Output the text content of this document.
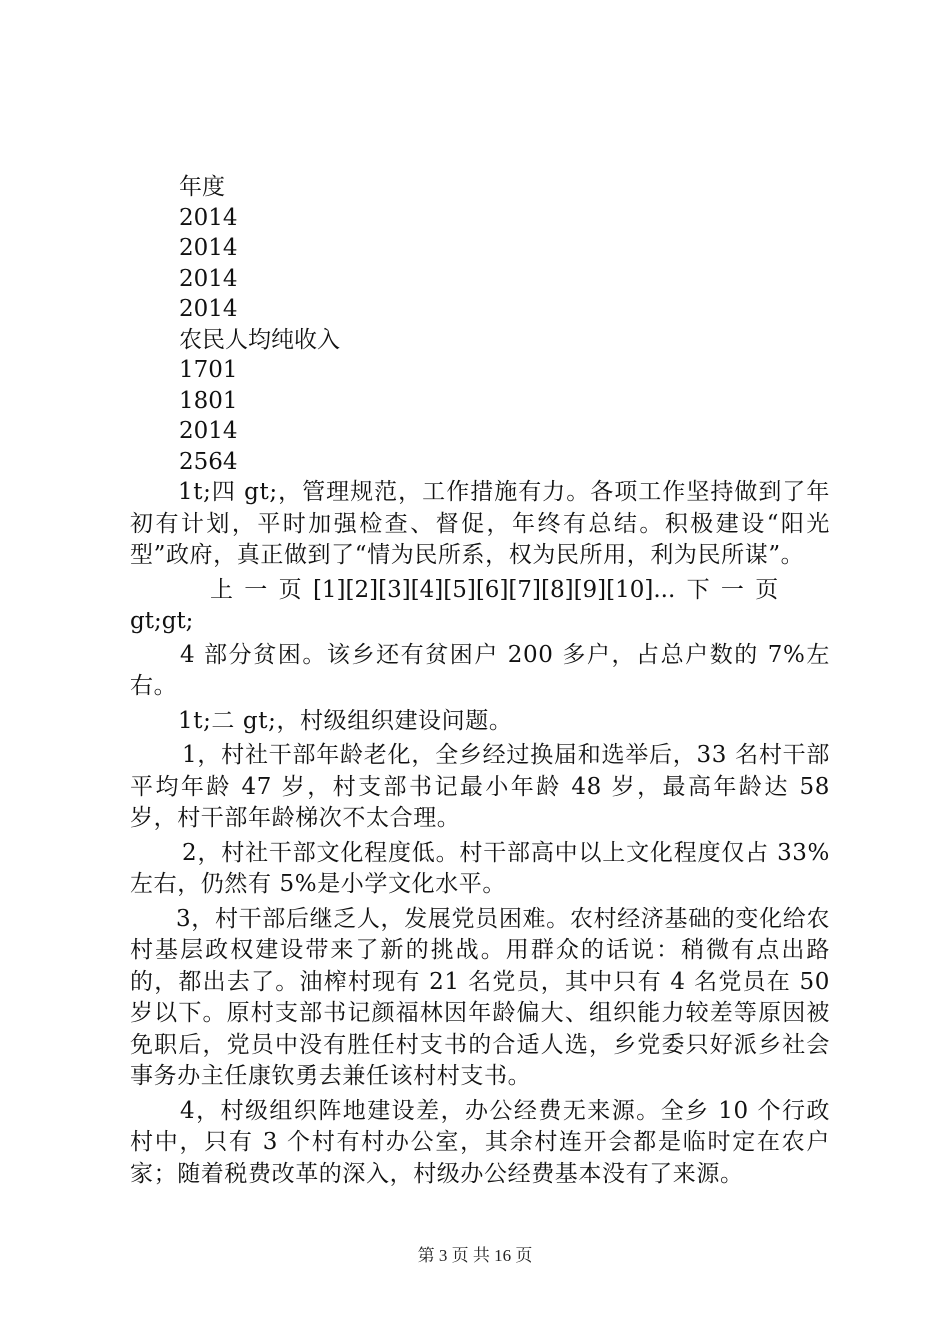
年度

2014

2014

2014

2014

农民人均纯收入

1701

1801

2014

2564

1t;四 gt;，管理规范，工作措施有力。各项工作坚持做到了年初有计划，平时加强检查、督促，年终有总结。积极建设“阳光型”政府，真正做到了“情为民所系，权为民所用，利为民所谋”。

上 一 页 [1][2][3][4][5][6][7][8][9][10]... 下 一 页

gt;gt;

4 部分贫困。该乡还有贫困户 200 多户，占总户数的 7%左右。

1t;二 gt;，村级组织建设问题。

1，村社干部年龄老化，全乡经过换届和选举后，33 名村干部平均年龄 47 岁，村支部书记最小年龄 48 岁，最高年龄达 58 岁，村干部年龄梯次不太合理。

2，村社干部文化程度低。村干部高中以上文化程度仅占 33%左右，仍然有 5%是小学文化水平。

3，村干部后继乏人，发展党员困难。农村经济基础的变化给农村基层政权建设带来了新的挑战。用群众的话说：稍微有点出路的，都出去了。油榨村现有 21 名党员，其中只有 4 名党员在 50 岁以下。原村支部书记颜福林因年龄偏大、组织能力较差等原因被免职后，党员中没有胜任村支书的合适人选，乡党委只好派乡社会事务办主任康钦勇去兼任该村村支书。

4，村级组织阵地建设差，办公经费无来源。全乡 10 个行政村中，只有 3 个村有村办公室，其余村连开会都是临时定在农户家；随着税费改革的深入，村级办公经费基本没有了来源。

第 3 页 共 16 页
